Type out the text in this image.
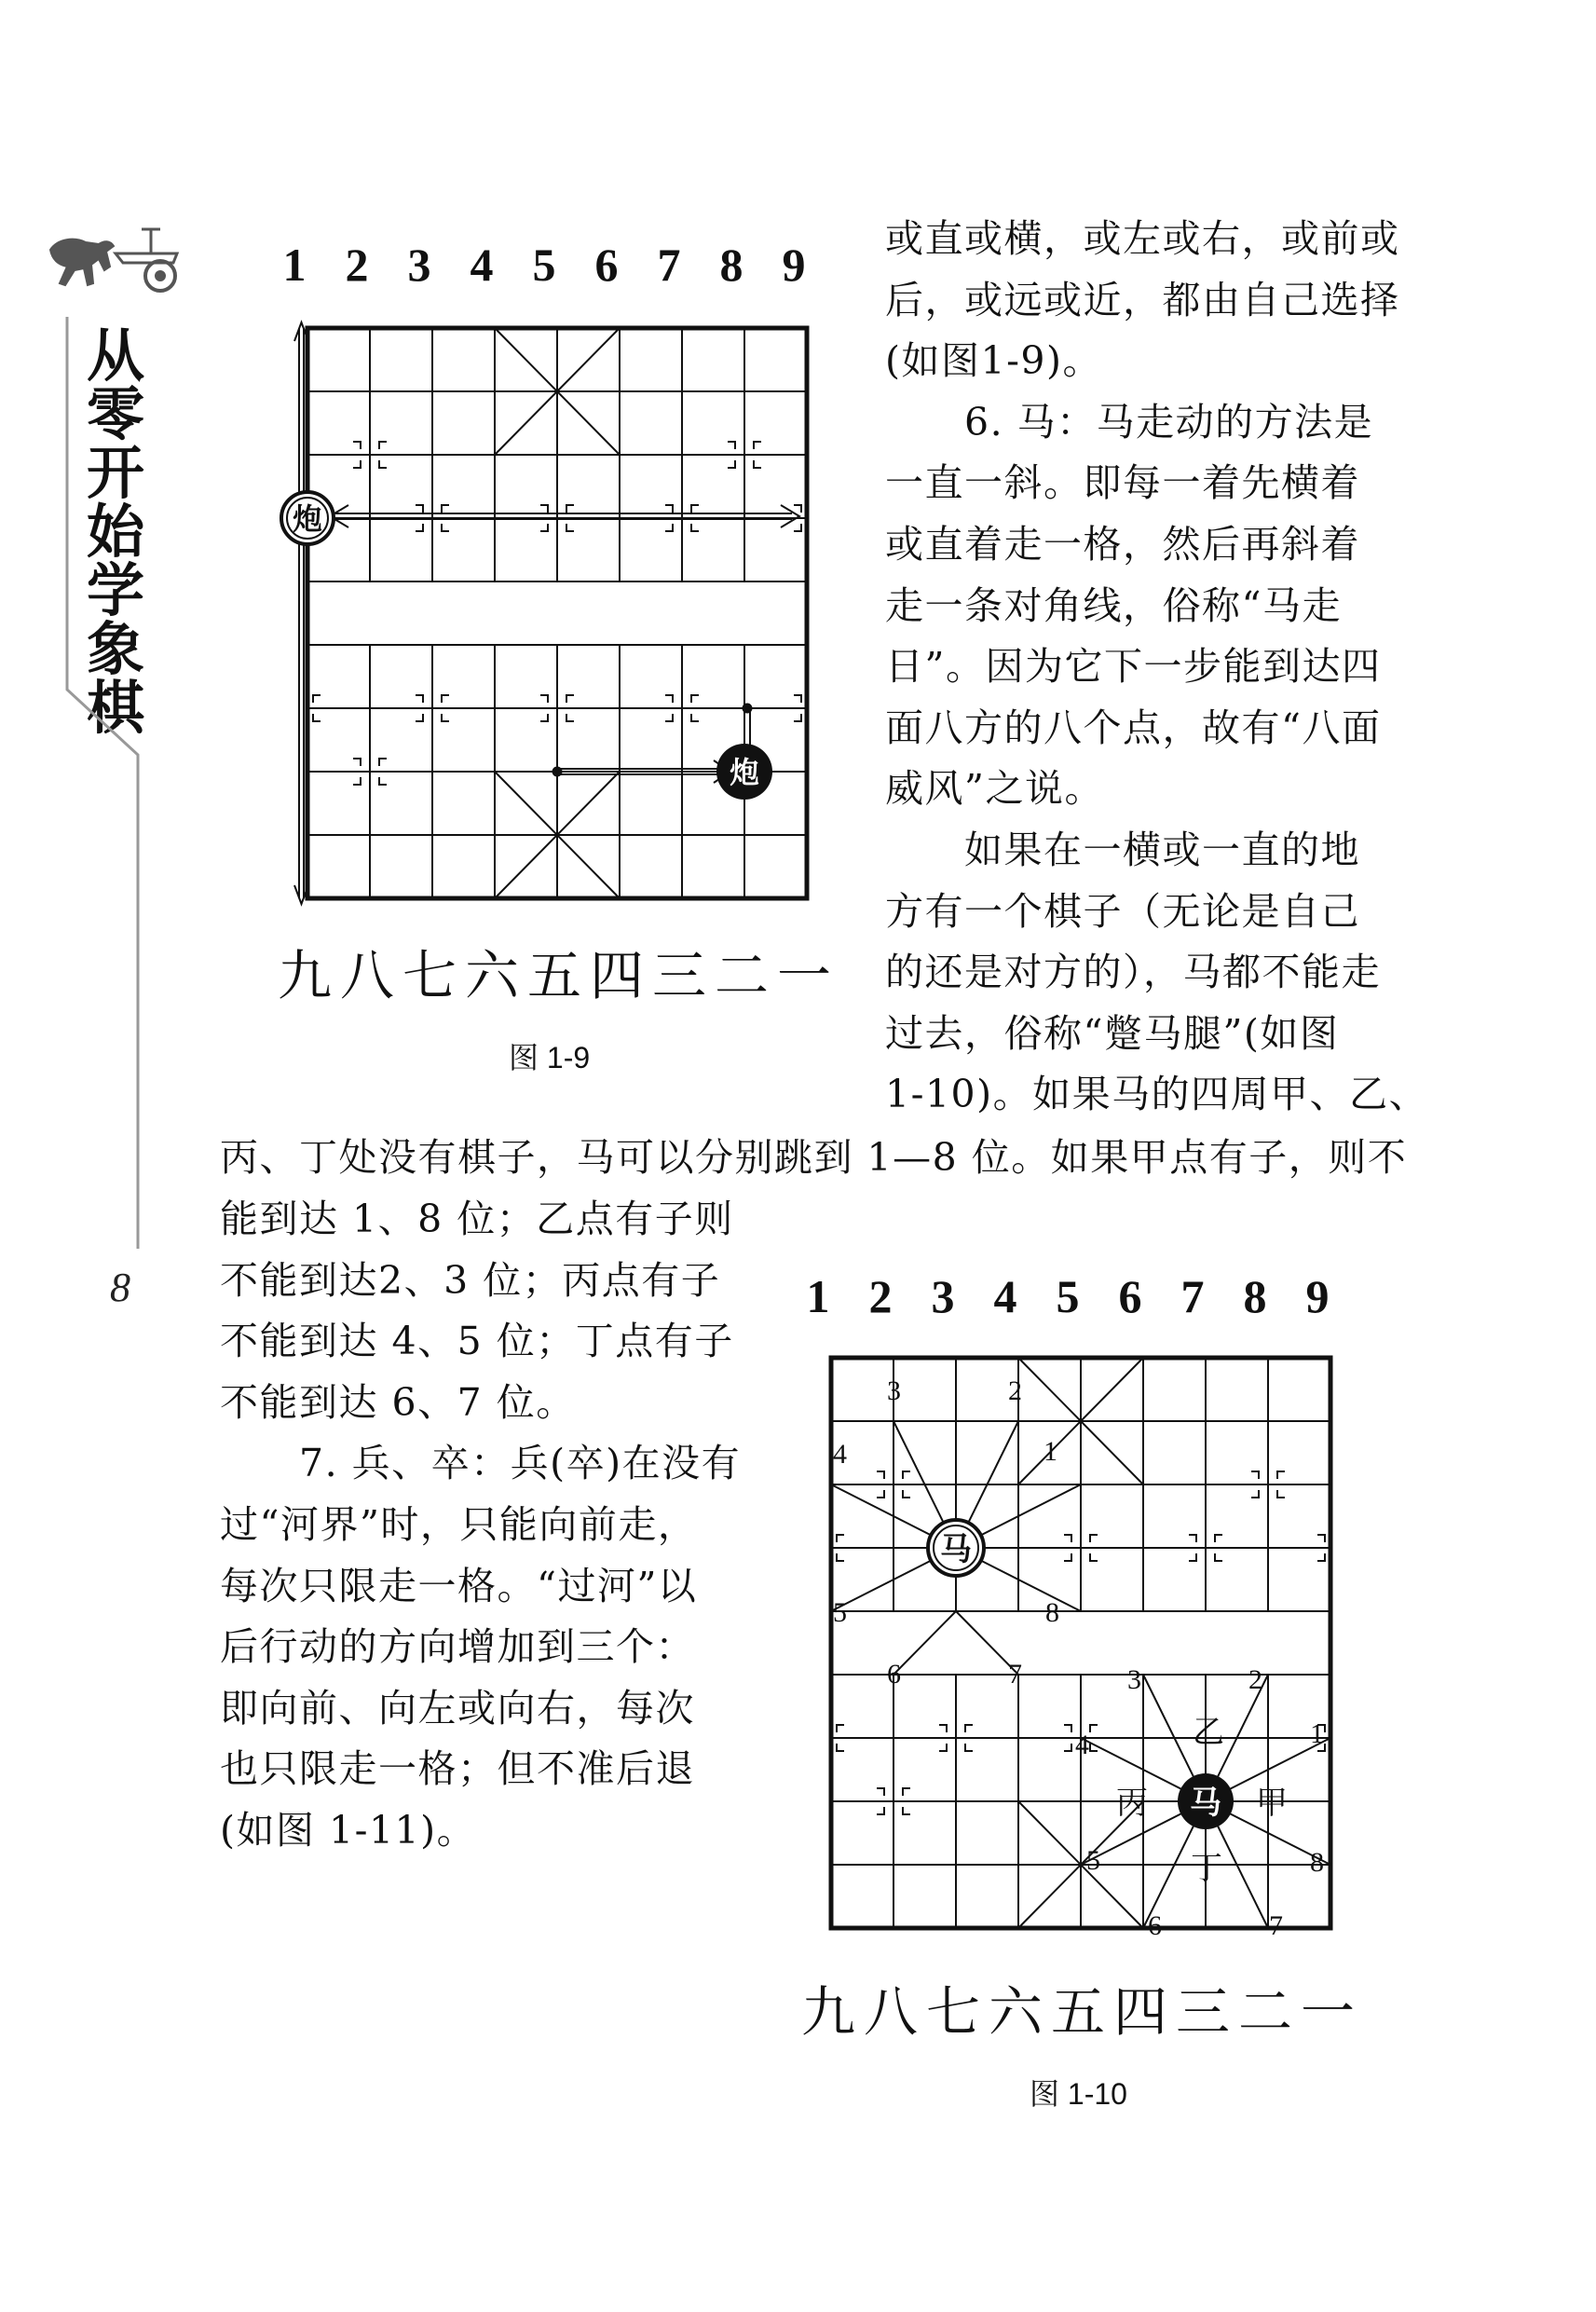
从零开始学象棋
8
或直或横，或左或右，或前或
后，或远或近，都由自己选择
(如图1-9)。
　　6. 马：马走动的方法是
一直一斜。即每一着先横着
或直着走一格，然后再斜着
走一条对角线，俗称“马走
日”。因为它下一步能到达四
面八方的八个点，故有“八面
威风”之说。
　　如果在一横或一直的地
方有一个棋子（无论是自己
的还是对方的），马都不能走
过去，俗称“蹩马腿”(如图
1-10)。如果马的四周甲、乙、
丙、丁处没有棋子，马可以分别跳到 1—8 位。如果甲点有子，则不
能到达 1、8 位；乙点有子则
不能到达2、3 位；丙点有子
不能到达 4、5 位；丁点有子
不能到达 6、7 位。
　　7. 兵、卒：兵(卒)在没有
过“河界”时，只能向前走，
每次只限走一格。“过河”以
后行动的方向增加到三个：
即向前、向左或向右，每次
也只限走一格；但不准后退
(如图 1-11)。
1 2 3 4 5 6 7 8 9
炮
炮
九 八 七 六 五 四 三 二 一
图 1-9
1 2 3 4 5 6 7 8 9
1
2
3
4
5
6	7
8
1
2
3
4
5
6	7
8
甲
乙
丙
丁
马
马
九 八 七 六 五 四 三 二 一
图 1-10
